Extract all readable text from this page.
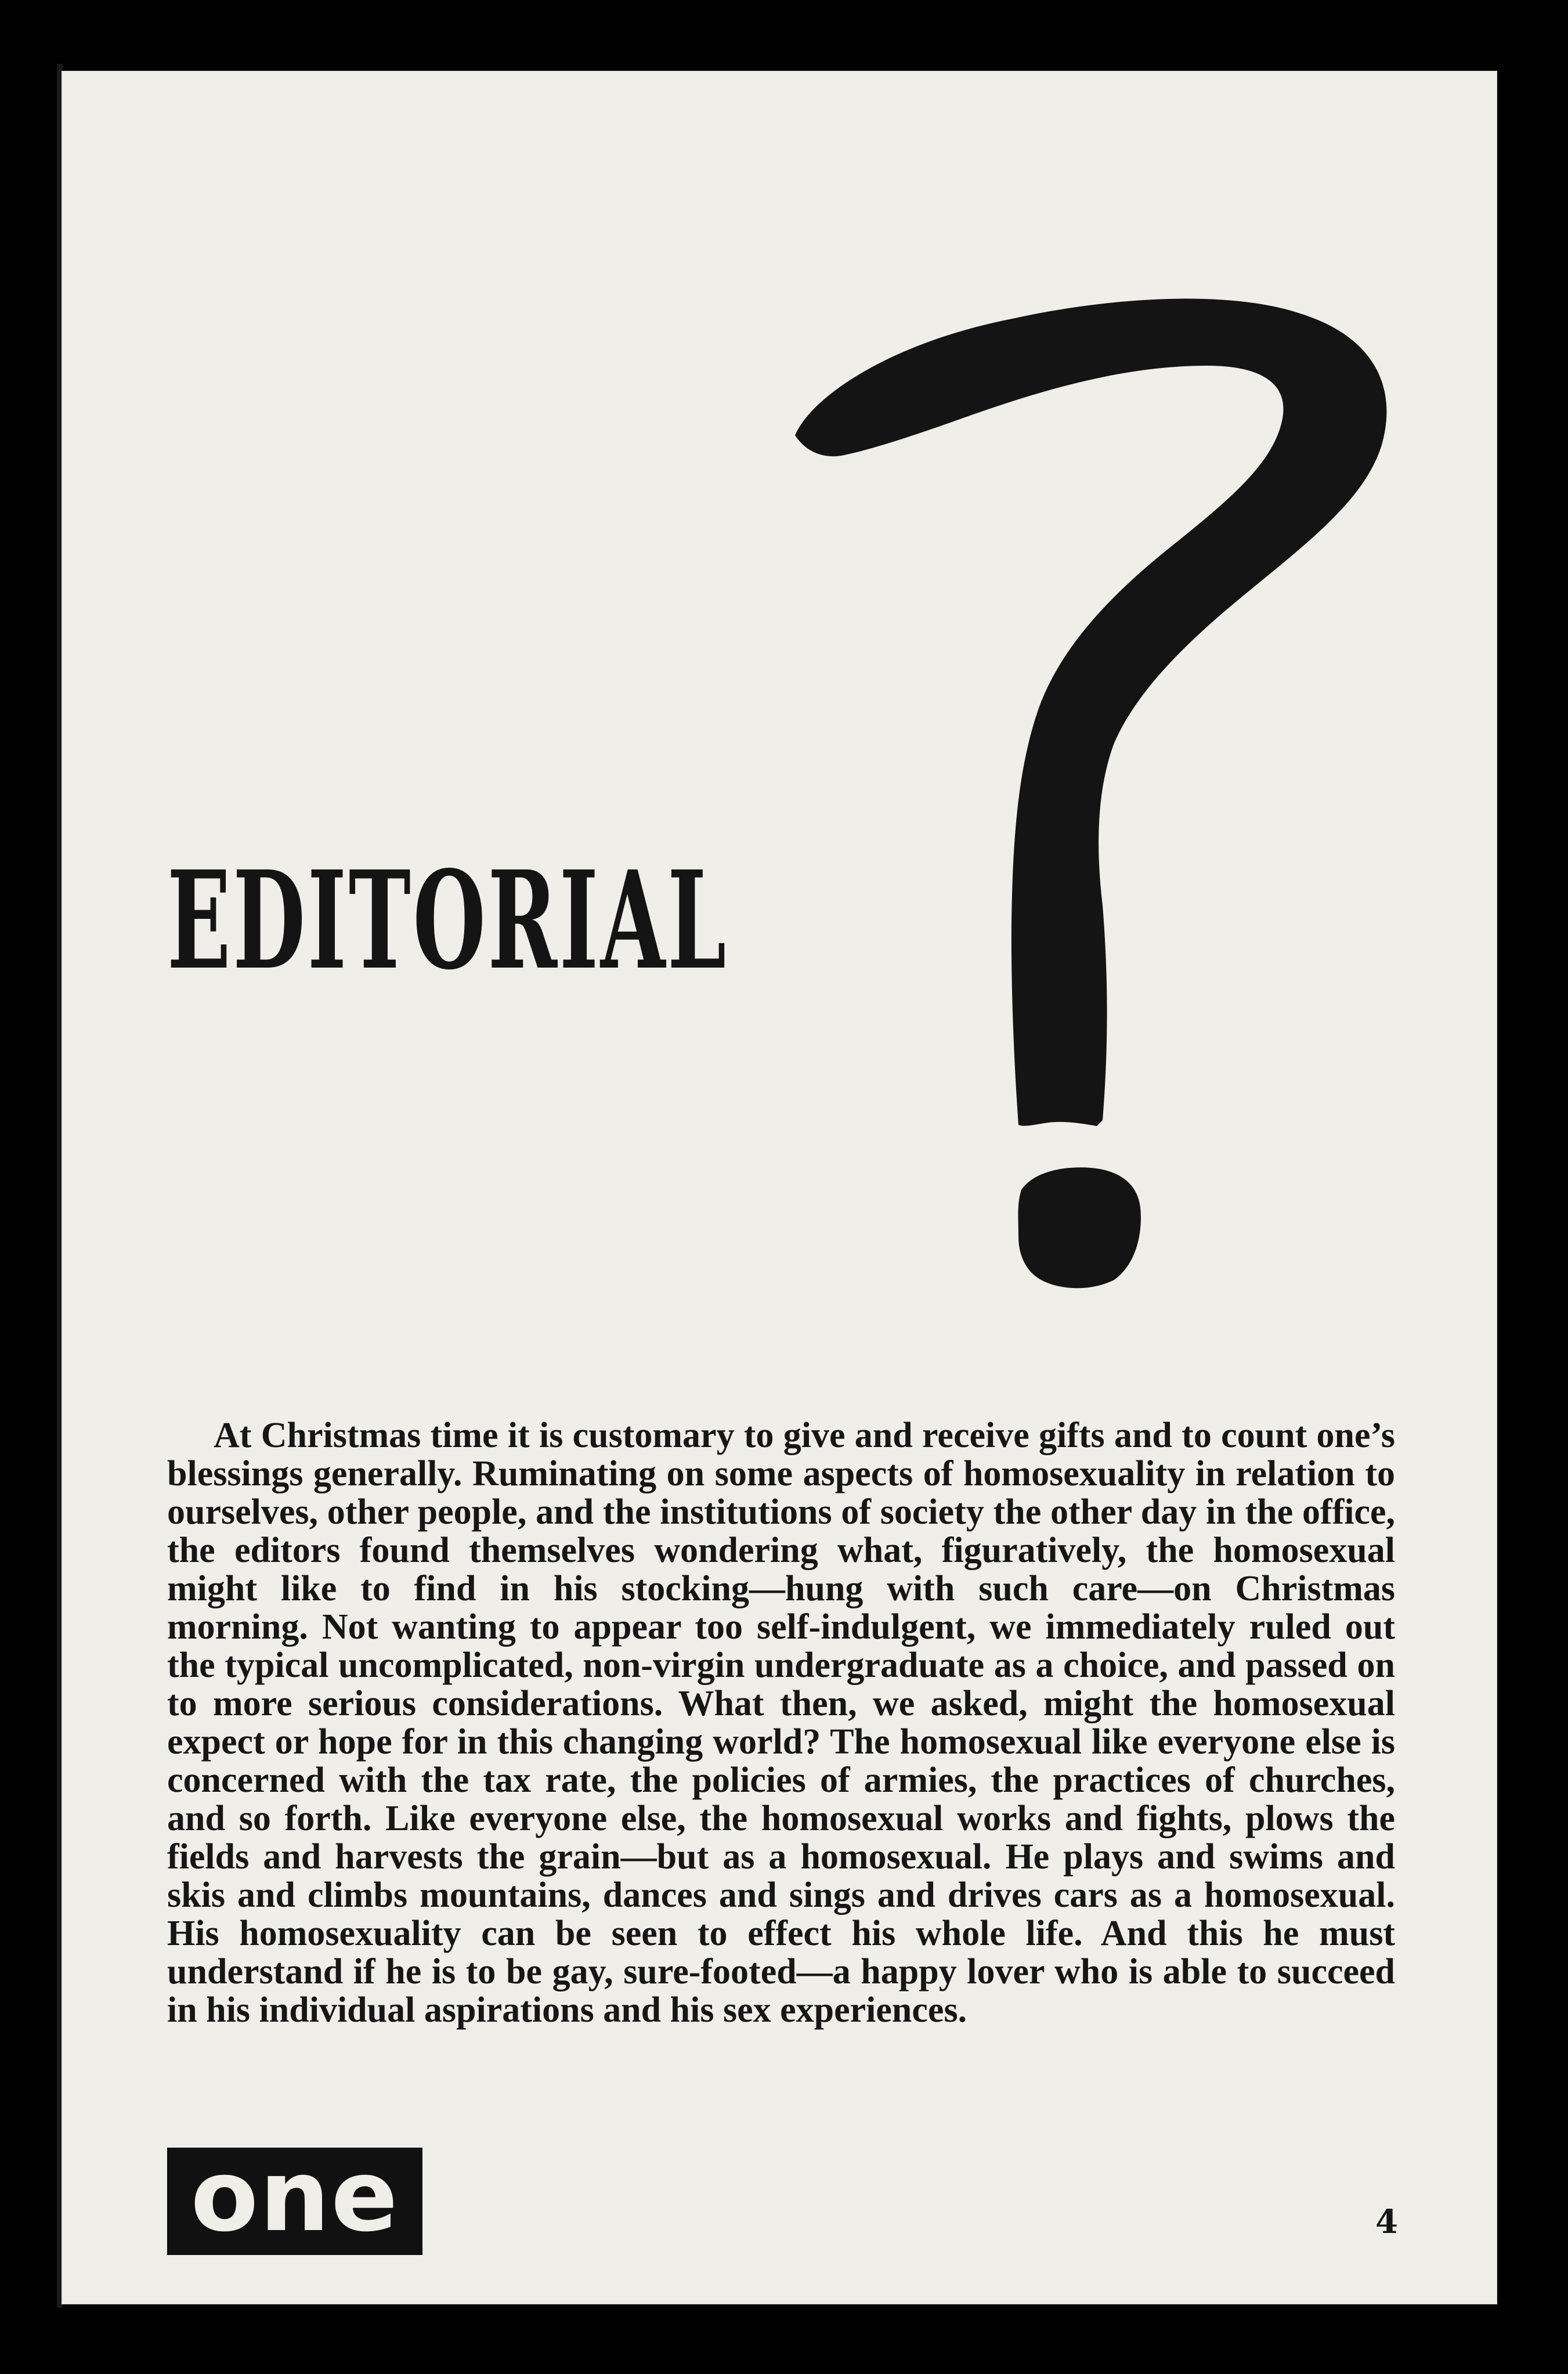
EDITORIAL
At Christmas time it is customary to give and receive gifts and to count one’s blessings generally. Ruminating on some aspects of homosexuality in relation to ourselves, other people, and the institutions of society the other day in the office, the editors found themselves wondering what, figuratively, the homosexual might like to find in his stocking—hung with such care—on Christmas morning. Not wanting to appear too self-indulgent, we immediately ruled out the typical uncomplicated, non-virgin undergraduate as a choice, and passed on to more serious considerations. What then, we asked, might the homosexual expect or hope for in this changing world? The homosexual like everyone else is concerned with the tax rate, the policies of armies, the practices of churches, and so forth. Like everyone else, the homosexual works and fights, plows the fields and harvests the grain—but as a homosexual. He plays and swims and skis and climbs mountains, dances and sings and drives cars as a homosexual. His homosexuality can be seen to effect his whole life. And this he must understand if he is to be gay, sure-footed—a happy lover who is able to succeed in his individual aspirations and his sex experiences.
one	4
